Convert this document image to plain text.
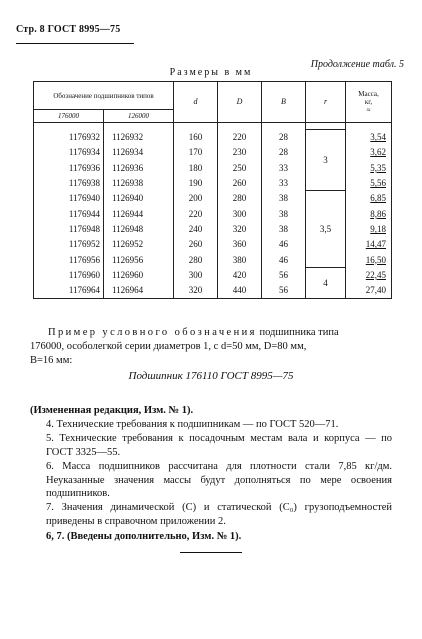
Стр. 8 ГОСТ 8995—75
Продолжение табл. 5
Размеры в мм
Обозначение подшипников типов		d	D	B	r	Масса,
кг,
≈

176000	126000					

1176932	1126932	160	220	28	3	3,54
1176934	1126934	170	230	28		3,62
1176936	1126936	180	250	33		5,35
1176938	1126938	190	260	33		5,56
1176940	1126940	200	280	38	3,5	6,85
1176944	1126944	220	300	38		8,86
1176948	1126948	240	320	38		9,18
1176952	1126952	260	360	46		14,47
1176956	1126956	280	380	46		16,50
1176960	1126960	300	420	56	4	22,45
1176964	1126964	320	440	56		27,40
Пример условного обозначения подшипника типа
176000, особолегкой серии диаметров 1, с d=50 мм, D=80 мм,
B=16 мм:
Подшипник 176110 ГОСТ 8995—75
(Измененная редакция, Изм. № 1).
4. Технические требования к подшипникам — по ГОСТ 520—71.
5. Технические требования к посадочным местам вала и корпуса — по ГОСТ 3325—55.
6. Масса подшипников рассчитана для плотности стали 7,85 кг/дм. Неуказанные значения массы будут дополняться по мере освоения подшипников.
7. Значения динамической (С) и статической (С₀) грузоподъемностей приведены в справочном приложении 2.
6, 7. (Введены дополнительно, Изм. № 1).
